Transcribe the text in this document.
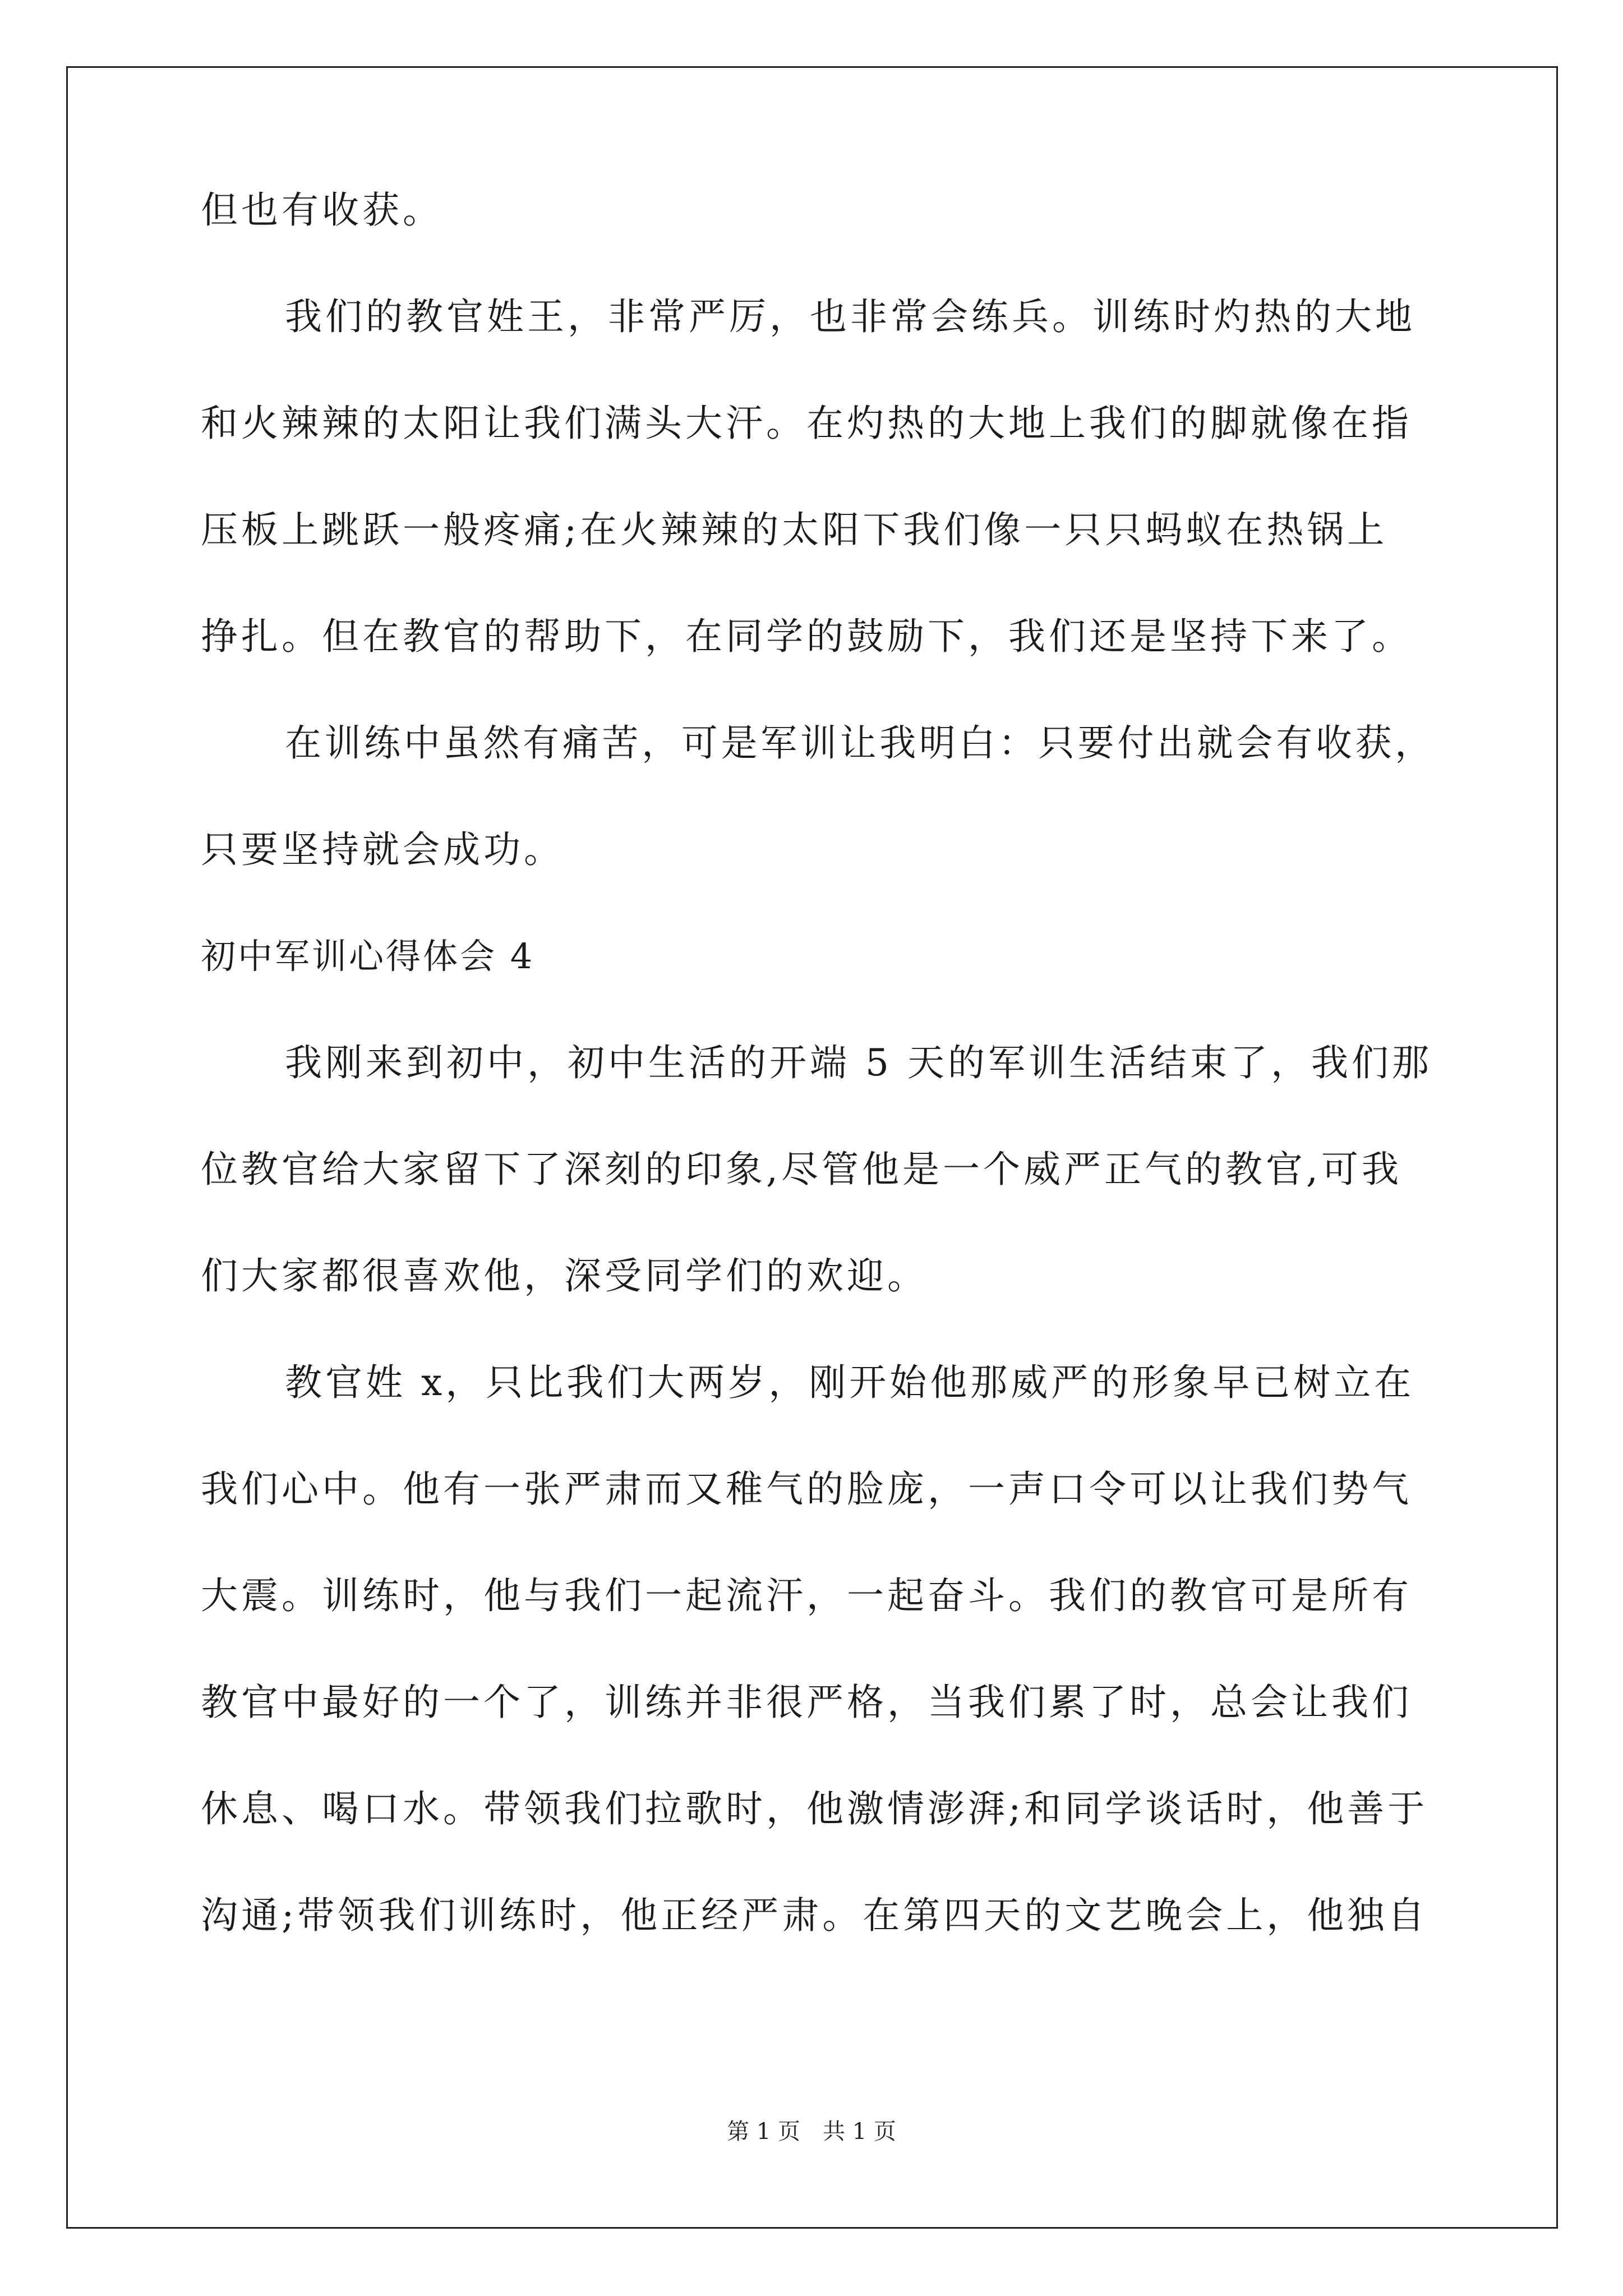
但也有收获。
我们的教官姓王，非常严厉，也非常会练兵。训练时灼热的大地
和火辣辣的太阳让我们满头大汗。在灼热的大地上我们的脚就像在指
压板上跳跃一般疼痛;在火辣辣的太阳下我们像一只只蚂蚁在热锅上
挣扎。但在教官的帮助下，在同学的鼓励下，我们还是坚持下来了。
在训练中虽然有痛苦，可是军训让我明白：只要付出就会有收获，
只要坚持就会成功。
初中军训心得体会 4
我刚来到初中，初中生活的开端 5 天的军训生活结束了，我们那
位教官给大家留下了深刻的印象,尽管他是一个威严正气的教官,可我
们大家都很喜欢他，深受同学们的欢迎。
教官姓 x，只比我们大两岁，刚开始他那威严的形象早已树立在
我们心中。他有一张严肃而又稚气的脸庞，一声口令可以让我们势气
大震。训练时，他与我们一起流汗，一起奋斗。我们的教官可是所有
教官中最好的一个了，训练并非很严格，当我们累了时，总会让我们
休息、喝口水。带领我们拉歌时，他激情澎湃;和同学谈话时，他善于
沟通;带领我们训练时，他正经严肃。在第四天的文艺晚会上，他独自
第 1 页　共 1 页
